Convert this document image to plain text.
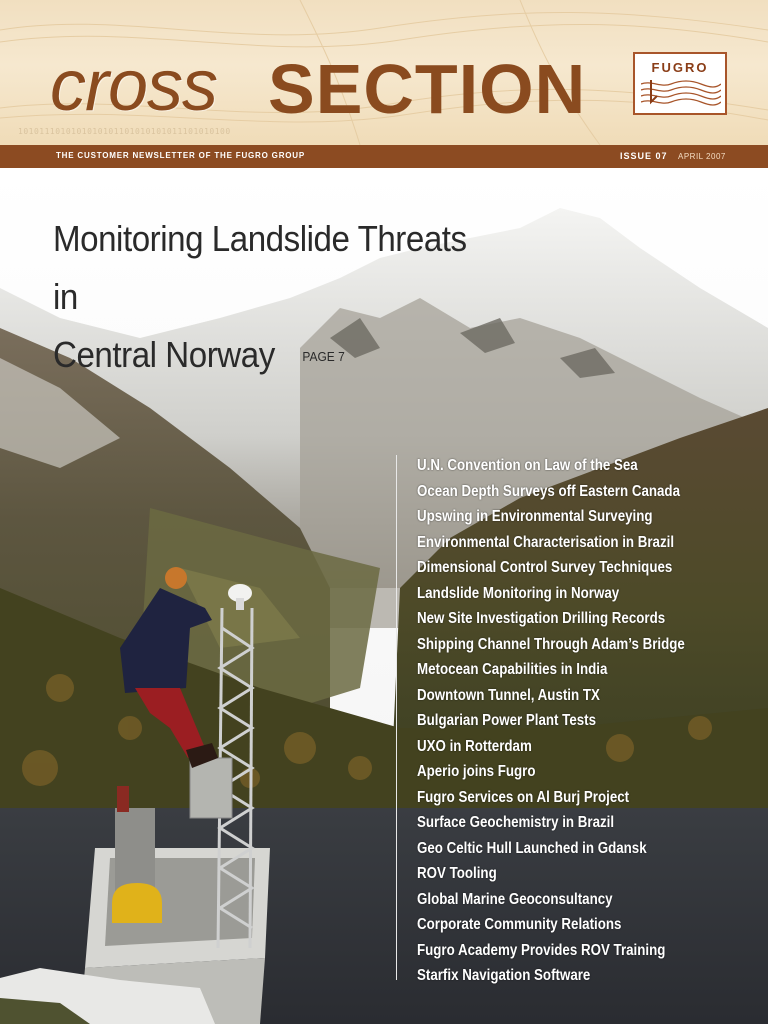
1010111010101010101101010101011101010100
cross SECTION	FUGRO
THE CUSTOMER NEWSLETTER OF THE FUGRO GROUP	ISSUE 07 APRIL 2007
Monitoring Landslide Threats in
Central Norway PAGE 7
U.N. Convention on Law of the Sea
Ocean Depth Surveys off Eastern Canada
Upswing in Environmental Surveying
Environmental Characterisation in Brazil
Dimensional Control Survey Techniques
Landslide Monitoring in Norway
New Site Investigation Drilling Records
Shipping Channel Through Adam’s Bridge
Metocean Capabilities in India
Downtown Tunnel, Austin TX
Bulgarian Power Plant Tests
UXO in Rotterdam
Aperio joins Fugro
Fugro Services on Al Burj Project
Surface Geochemistry in Brazil
Geo Celtic Hull Launched in Gdansk
ROV Tooling
Global Marine Geoconsultancy
Corporate Community Relations
Fugro Academy Provides ROV Training
Starfix Navigation Software
